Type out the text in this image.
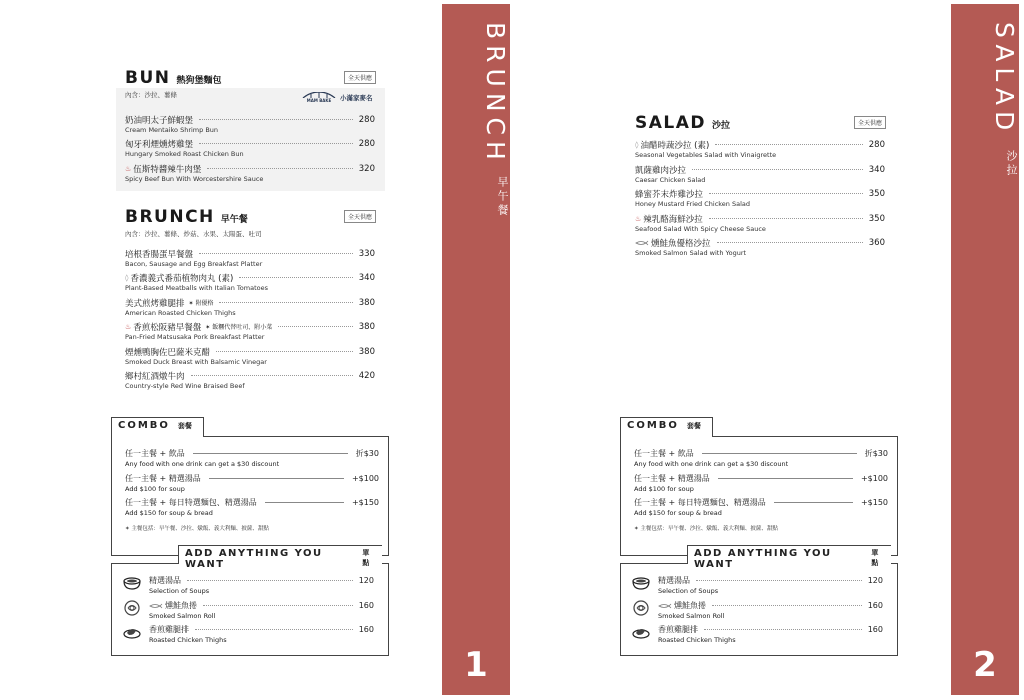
BUN 熱狗堡麵包
內含：沙拉、薯條
全天供應
MAM BAKE 小滿家麥名
奶油明太子鮮蝦堡	280
Cream Mentaiko Shrimp Bun
匈牙利煙燻烤雞堡	280
Hungary Smoked Roast Chicken Bun
♨ 伍斯特醬辣牛肉堡	320
Spicy Beef Bun With Worcestershire Sauce
BRUNCH 早午餐
內含：沙拉、薯條、炒菇、水果、太陽蛋、吐司
全天供應
培根香腸蛋早餐盤	330
Bacon, Sausage and Egg Breakfast Platter
◊ 香濃義式番茄植物肉丸 (素)	340
Plant-Based Meatballs with Italian Tomatoes
美式煎烤雞腿排 ✶ 附優格	380
American Roasted Chicken Thighs
♨ 香煎松阪豬早餐盤 ✶ 飯糰代替吐司、附小菜	380
Pan-Fried Matsusaka Pork Breakfast Platter
煙燻鴨胸佐巴薩米克醋	380
Smoked Duck Breast with Balsamic Vinegar
鄉村紅酒燉牛肉	420
Country-style Red Wine Braised Beef
COMBO 套餐
任一主餐 + 飲品	折$30
Any food with one drink can get a $30 discount
任一主餐 + 精選湯品	+$100
Add $100 for soup
任一主餐 + 每日特選麵包、精選湯品	+$150
Add $150 for soup & bread
✶ 主餐包括：早午餐、沙拉、燉飯、義大利麵、披薩、甜點
ADD ANYTHING YOU WANT
單點
精選湯品	120
Selection of Soups
燻鮭魚捲	160
Smoked Salmon Roll
香煎雞腿排	160
Roasted Chicken Thighs
BRUNCH
早午餐
1
SALAD 沙拉	全天供應
◊ 油醋時蔬沙拉 (素)	280
Seasonal Vegetables Salad with Vinaigrette
凱薩雞肉沙拉	340
Caesar Chicken Salad
蜂蜜芥末炸雞沙拉	350
Honey Mustard Fried Chicken Salad
♨ 辣乳酪海鮮沙拉	350
Seafood Salad With Spicy Cheese Sauce
燻鮭魚優格沙拉	360
Smoked Salmon Salad with Yogurt
COMBO 套餐
任一主餐 + 飲品	折$30
Any food with one drink can get a $30 discount
任一主餐 + 精選湯品	+$100
Add $100 for soup
任一主餐 + 每日特選麵包、精選湯品	+$150
Add $150 for soup & bread
✶ 主餐包括：早午餐、沙拉、燉飯、義大利麵、披薩、甜點
ADD ANYTHING YOU WANT
單點
精選湯品	120
Selection of Soups
燻鮭魚捲	160
Smoked Salmon Roll
香煎雞腿排	160
Roasted Chicken Thighs
SALAD
沙拉
2
